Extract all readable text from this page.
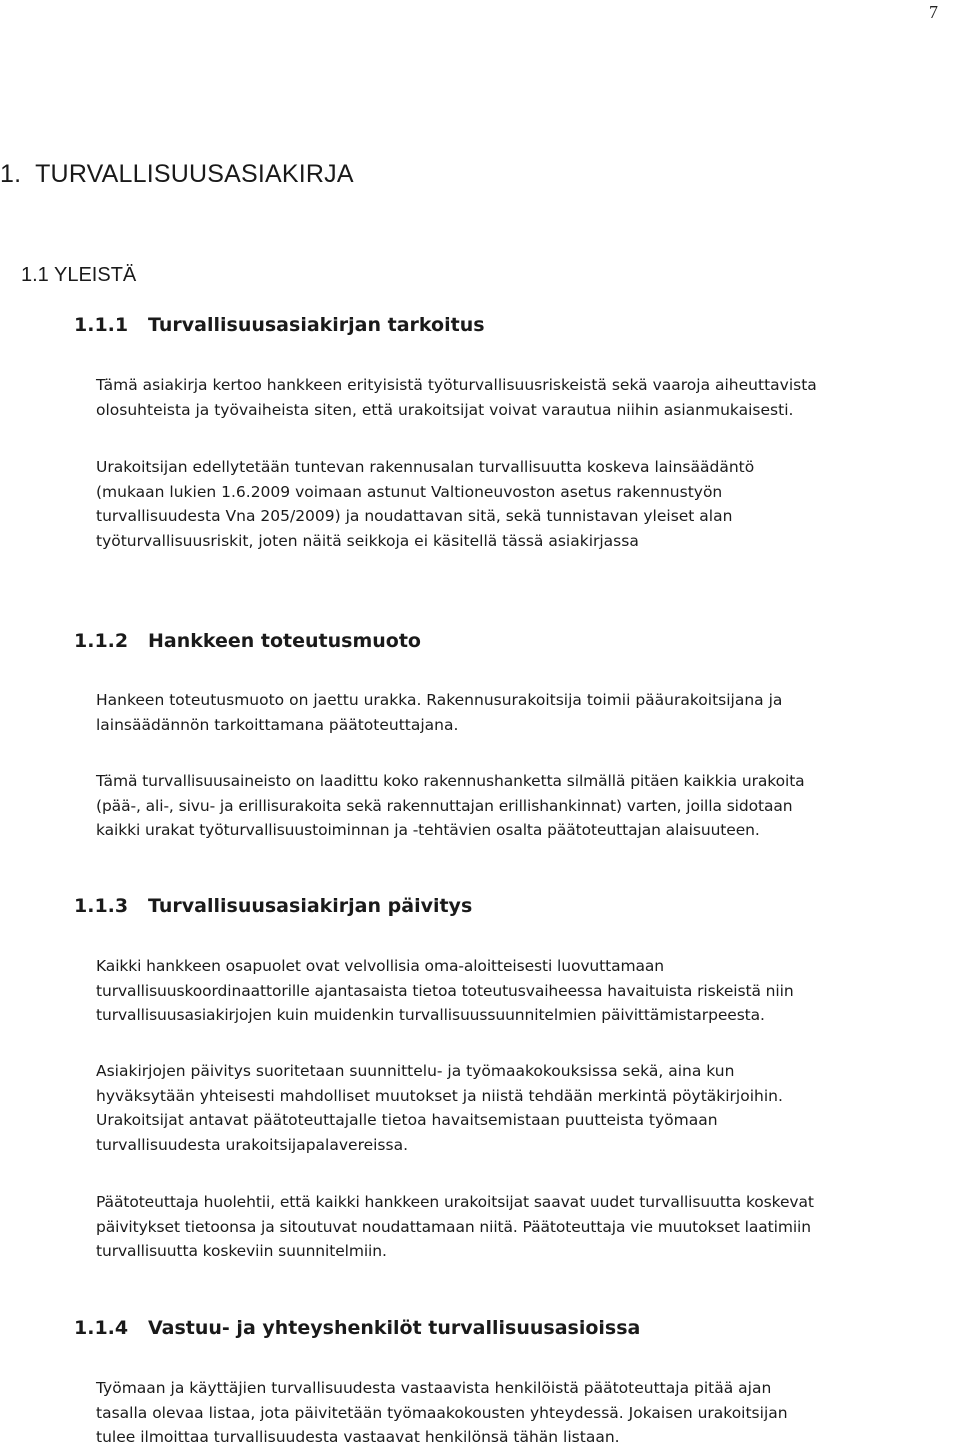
7
1.  TURVALLISUUSASIAKIRJA
1.1 YLEISTÄ
1.1.1 Turvallisuusasiakirjan tarkoitus
Tämä asiakirja kertoo hankkeen erityisistä työturvallisuusriskeistä sekä vaaroja aiheuttavista
olosuhteista ja työvaiheista siten, että urakoitsijat voivat varautua niihin asianmukaisesti.
Urakoitsijan edellytetään tuntevan rakennusalan turvallisuutta koskeva lainsäädäntö
(mukaan lukien 1.6.2009 voimaan astunut Valtioneuvoston asetus rakennustyön
turvallisuudesta Vna 205/2009) ja noudattavan sitä, sekä tunnistavan yleiset alan
työturvallisuusriskit, joten näitä seikkoja ei käsitellä tässä asiakirjassa
1.1.2 Hankkeen toteutusmuoto
Hankeen toteutusmuoto on jaettu urakka. Rakennusurakoitsija toimii pääurakoitsijana ja
lainsäädännön tarkoittamana päätoteuttajana.
Tämä turvallisuusaineisto on laadittu koko rakennushanketta silmällä pitäen kaikkia urakoita
(pää-, ali-, sivu- ja erillisurakoita sekä rakennuttajan erillishankinnat) varten, joilla sidotaan
kaikki urakat työturvallisuustoiminnan ja -tehtävien osalta päätoteuttajan alaisuuteen.
1.1.3 Turvallisuusasiakirjan päivitys
Kaikki hankkeen osapuolet ovat velvollisia oma-aloitteisesti luovuttamaan
turvallisuuskoordinaattorille ajantasaista tietoa toteutusvaiheessa havaituista riskeistä niin
turvallisuusasiakirjojen kuin muidenkin turvallisuussuunnitelmien päivittämistarpeesta.
Asiakirjojen päivitys suoritetaan suunnittelu- ja työmaakokouksissa sekä, aina kun
hyväksytään yhteisesti mahdolliset muutokset ja niistä tehdään merkintä pöytäkirjoihin.
Urakoitsijat antavat päätoteuttajalle tietoa havaitsemistaan puutteista työmaan
turvallisuudesta urakoitsijapalavereissa.
Päätoteuttaja huolehtii, että kaikki hankkeen urakoitsijat saavat uudet turvallisuutta koskevat
päivitykset tietoonsa ja sitoutuvat noudattamaan niitä. Päätoteuttaja vie muutokset laatimiin
turvallisuutta koskeviin suunnitelmiin.
1.1.4 Vastuu- ja yhteyshenkilöt turvallisuusasioissa
Työmaan ja käyttäjien turvallisuudesta vastaavista henkilöistä päätoteuttaja pitää ajan
tasalla olevaa listaa, jota päivitetään työmaakokousten yhteydessä. Jokaisen urakoitsijan
tulee ilmoittaa turvallisuudesta vastaavat henkilönsä tähän listaan.
